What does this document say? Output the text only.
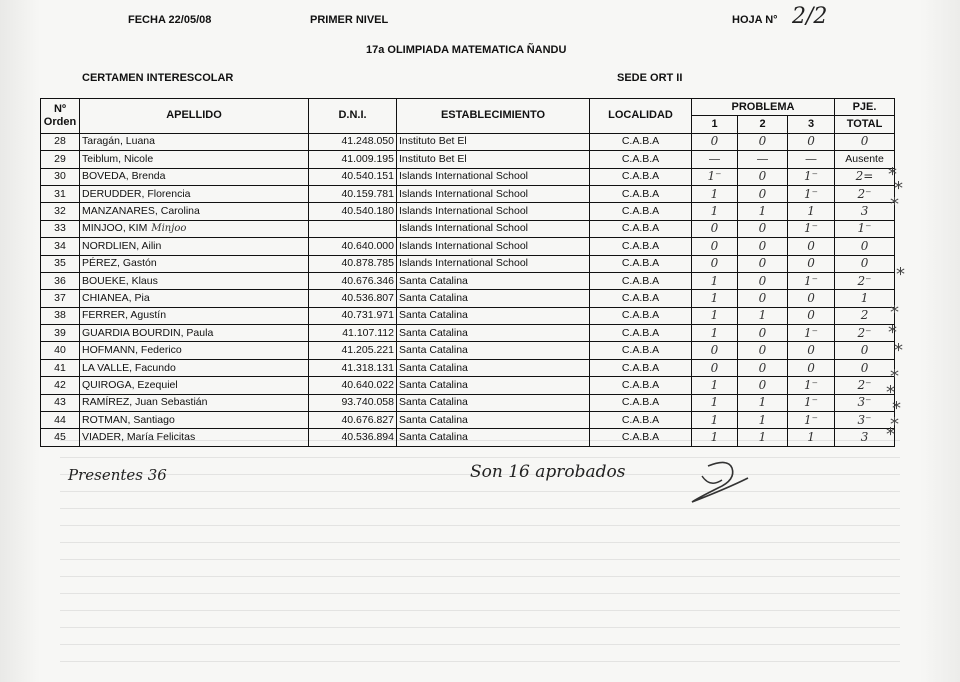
FECHA 22/05/08	PRIMER NIVEL	HOJA N° 2/2
17a OLIMPIADA MATEMATICA ÑANDU
CERTAMEN INTERESCOLAR	SEDE ORT II
Nº Orden	APELLIDO	D.N.I.	ESTABLECIMIENTO	LOCALIDAD	PROBLEMA			PJE.
					1	2	3	TOTAL
28	Taragán, Luana	41.248.050	Instituto Bet El	C.A.B.A	0	0	0	0
29	Teiblum, Nicole	41.009.195	Instituto Bet El	C.A.B.A	—	—	—	Ausente
30	BOVEDA, Brenda	40.540.151	Islands International School	C.A.B.A	1⁻	0	1⁻	2=
31	DERUDDER, Florencia	40.159.781	Islands International School	C.A.B.A	1	0	1⁻	2⁻
32	MANZANARES, Carolina	40.540.180	Islands International School	C.A.B.A	1	1	1	3
33	MINJOO, KIM Minjoo		Islands International School	C.A.B.A	0	0	1⁻	1⁻
34	NORDLIEN, Ailin	40.640.000	Islands International School	C.A.B.A	0	0	0	0
35	PÉREZ, Gastón	40.878.785	Islands International School	C.A.B.A	0	0	0	0
36	BOUEKE, Klaus	40.676.346	Santa Catalina	C.A.B.A	1	0	1⁻	2⁻
37	CHIANEA, Pia	40.536.807	Santa Catalina	C.A.B.A	1	0	0	1
38	FERRER, Agustín	40.731.971	Santa Catalina	C.A.B.A	1	1	0	2
39	GUARDIA BOURDIN, Paula	41.107.112	Santa Catalina	C.A.B.A	1	0	1⁻	2⁻
40	HOFMANN, Federico	41.205.221	Santa Catalina	C.A.B.A	0	0	0	0
41	LA VALLE, Facundo	41.318.131	Santa Catalina	C.A.B.A	0	0	0	0
42	QUIROGA, Ezequiel	40.640.022	Santa Catalina	C.A.B.A	1	0	1⁻	2⁻
43	RAMÍREZ, Juan Sebastián	93.740.058	Santa Catalina	C.A.B.A	1	1	1⁻	3⁻
44	ROTMAN, Santiago	40.676.827	Santa Catalina	C.A.B.A	1	1	1⁻	3⁻
45	VIADER, María Felicitas	40.536.894	Santa Catalina	C.A.B.A	1	1	1	3
Presentes 36	Son 16 aprobados
*
*
*
*
*
*
*
*
*
*
*
*
